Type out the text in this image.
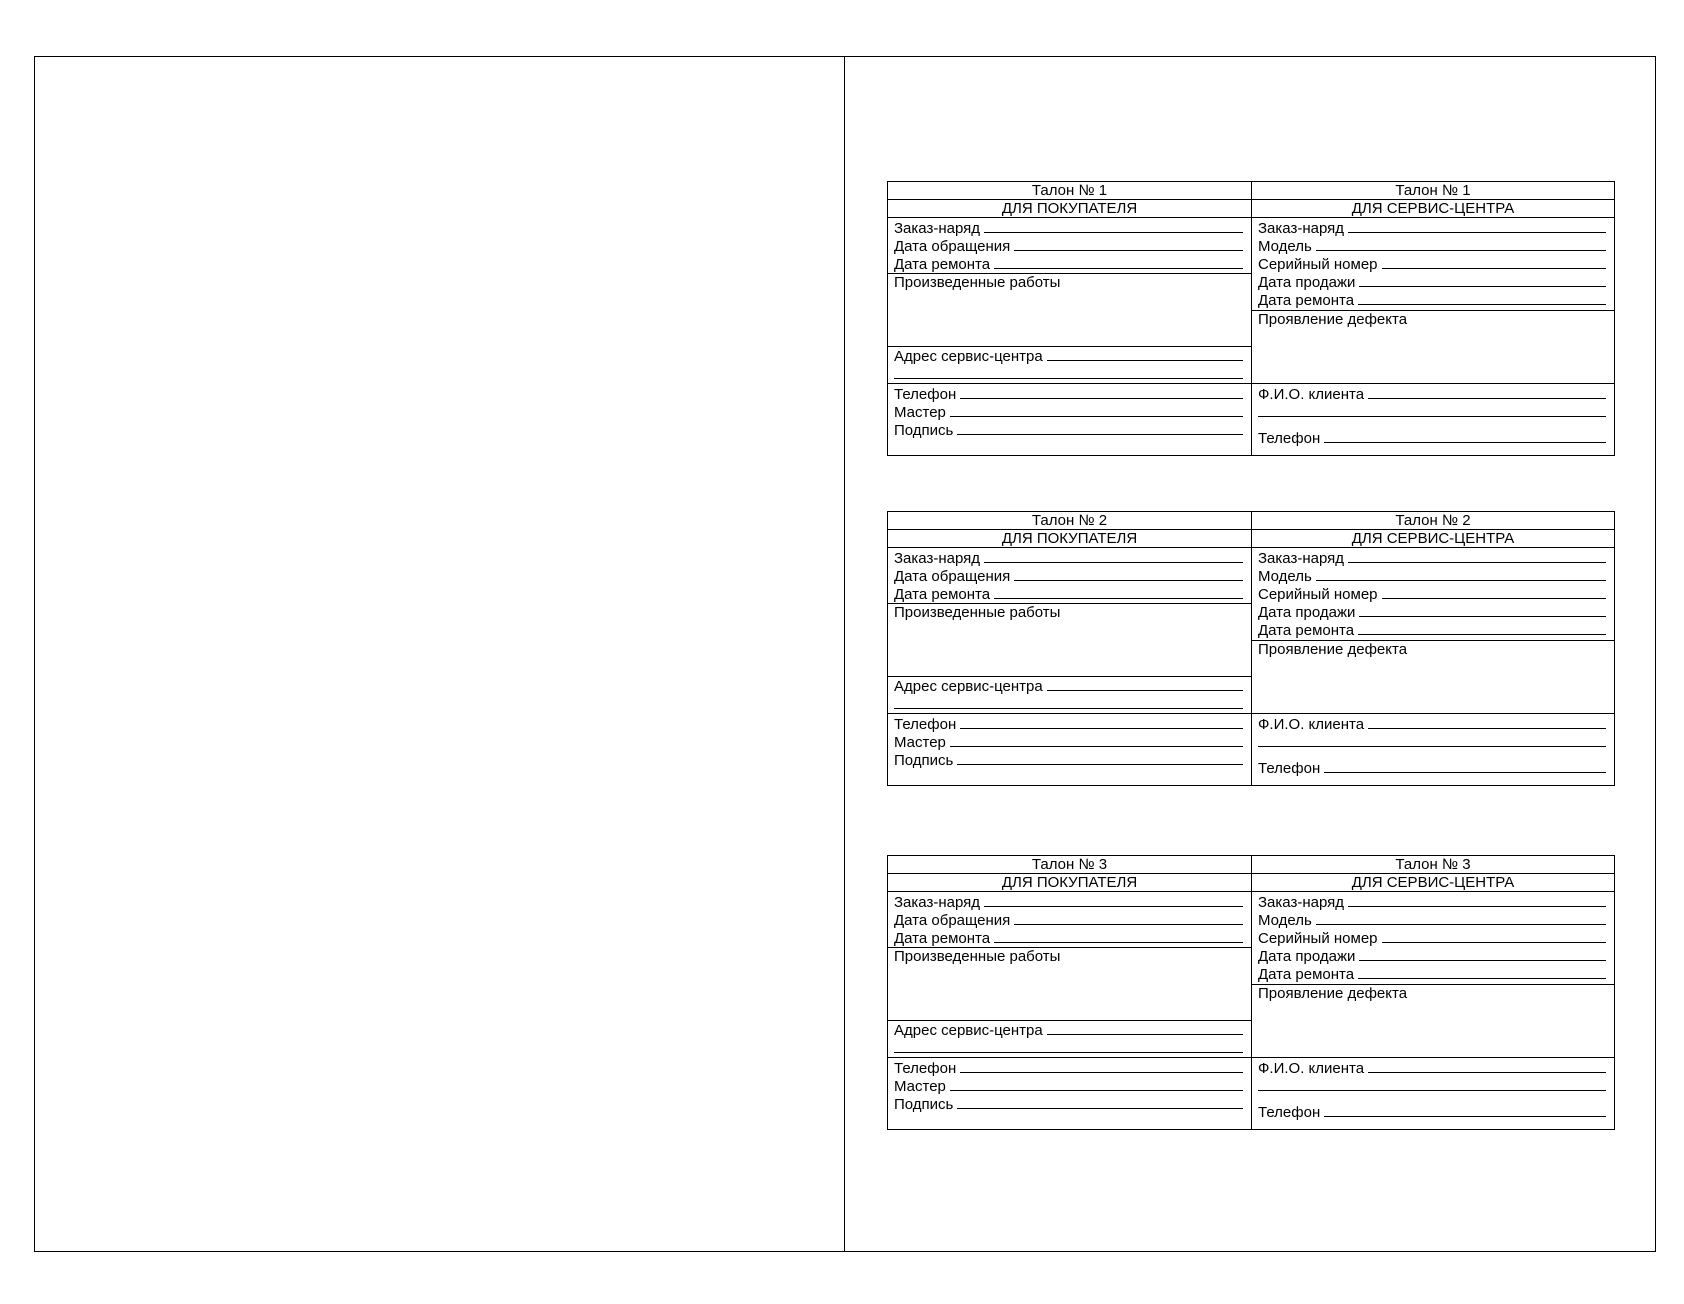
Талон № 1
ДЛЯ ПОКУПАТЕЛЯ
Заказ-наряд
Дата обращения
Дата ремонта
Произведенные работы
Адрес сервис-центра
Телефон
Мастер
Подпись
Талон № 1
ДЛЯ СЕРВИС-ЦЕНТРА
Заказ-наряд
Модель
Серийный номер
Дата продажи
Дата ремонта
Проявление дефекта
Ф.И.О. клиента
Телефон
Талон № 2
ДЛЯ ПОКУПАТЕЛЯ
Заказ-наряд
Дата обращения
Дата ремонта
Произведенные работы
Адрес сервис-центра
Телефон
Мастер
Подпись
Талон № 2
ДЛЯ СЕРВИС-ЦЕНТРА
Заказ-наряд
Модель
Серийный номер
Дата продажи
Дата ремонта
Проявление дефекта
Ф.И.О. клиента
Телефон
Талон № 3
ДЛЯ ПОКУПАТЕЛЯ
Заказ-наряд
Дата обращения
Дата ремонта
Произведенные работы
Адрес сервис-центра
Телефон
Мастер
Подпись
Талон № 3
ДЛЯ СЕРВИС-ЦЕНТРА
Заказ-наряд
Модель
Серийный номер
Дата продажи
Дата ремонта
Проявление дефекта
Ф.И.О. клиента
Телефон
